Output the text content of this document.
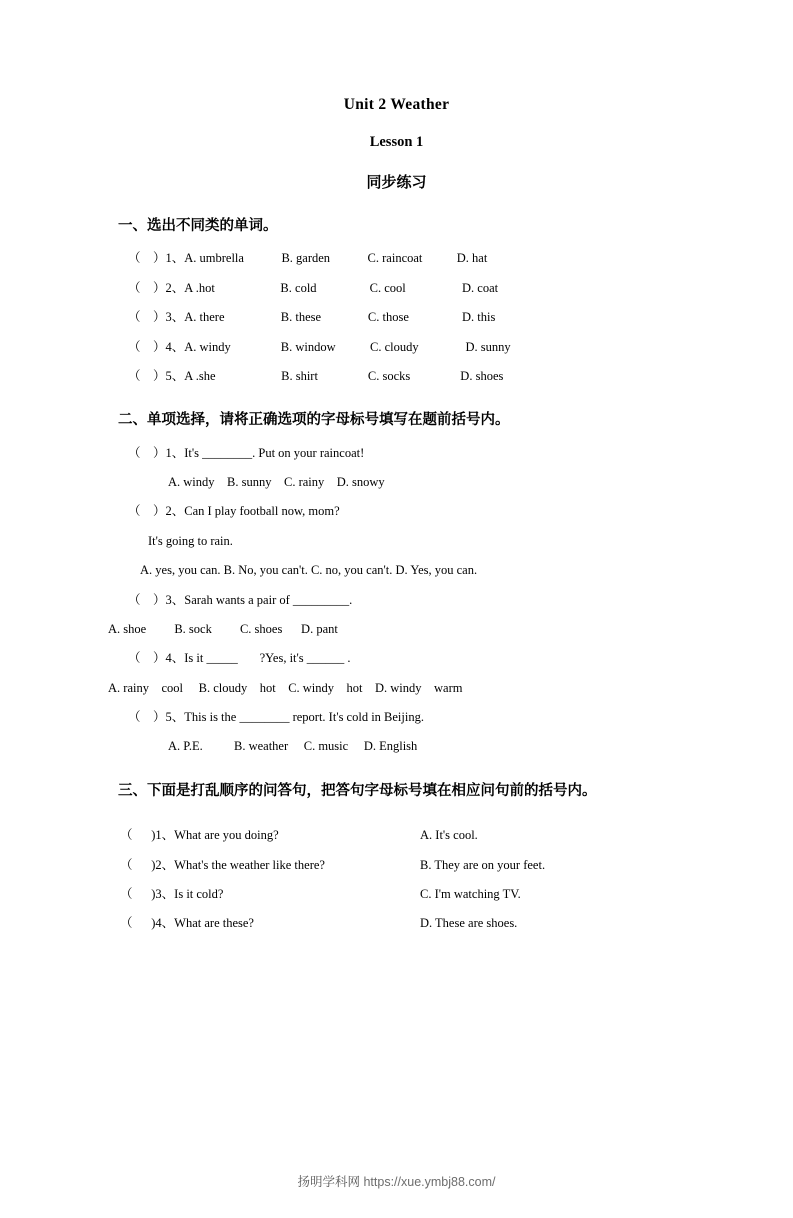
Unit 2 Weather
Lesson 1
同步练习
一、选出不同类的单词。
（    ）1、A. umbrella            B. garden            C. raincoat           D. hat
（    ）2、A .hot                     B. cold                 C. cool                  D. coat
（    ）3、A. there                  B. these               C. those                 D. this
（    ）4、A. windy                B. window           C. cloudy               D. sunny
（    ）5、A .she                     B. shirt                C. socks                D. shoes
二、单项选择，请将正确选项的字母标号填写在题前括号内。
（    ）1、It's ________. Put on your raincoat!
A. windy    B. sunny    C. rainy    D. snowy
（    ）2、Can I play football now, mom?
It's going to rain.
A. yes, you can. B. No, you can't. C. no, you can't. D. Yes, you can.
（    ）3、Sarah wants a pair of _________.
A. shoe         B. sock         C. shoes      D. pant
（    ）4、Is it _____       ?Yes, it's ______ .
A. rainy    cool     B. cloudy    hot    C. windy    hot    D. windy    warm
（    ）5、This is the ________ report. It's cold in Beijing.
A. P.E.          B. weather     C. music     D. English
三、下面是打乱顺序的问答句，把答句字母标号填在相应问句前的括号内。
（      )1、What are you doing?	A. It's cool.
（      )2、What's the weather like there?	B. They are on your feet.
（      )3、Is it cold?	C. I'm watching TV.
（      )4、What are these?	D. These are shoes.
扬明学科网 https://xue.ymbj88.com/
